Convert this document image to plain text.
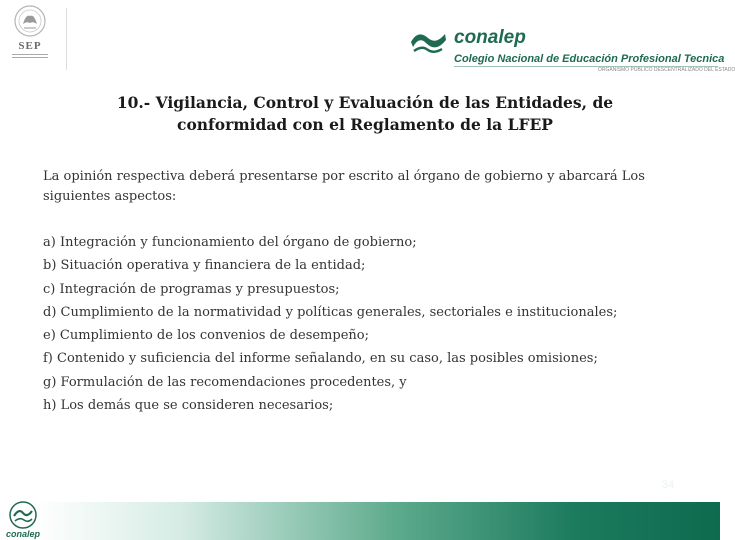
SEP	conalep
Colegio Nacional de Educación Profesional Tecnica
ORGANISMO PÚBLICO DESCENTRALIZADO DEL ESTADO
10.- Vigilancia, Control y Evaluación de las Entidades, de
conformidad con el Reglamento de la LFEP
La opinión respectiva deberá presentarse por escrito al órgano de gobierno y abarcará Los siguientes aspectos:
a) Integración y funcionamiento del órgano de gobierno;
b) Situación operativa y financiera de la entidad;
c) Integración de programas y presupuestos;
d) Cumplimiento de la normatividad y políticas generales, sectoriales e institucionales;
e) Cumplimiento de los convenios de desempeño;
f) Contenido y suficiencia del informe señalando, en su caso, las posibles omisiones;
g) Formulación de las recomendaciones procedentes, y
h) Los demás que se consideren necesarios;
34
conalep
